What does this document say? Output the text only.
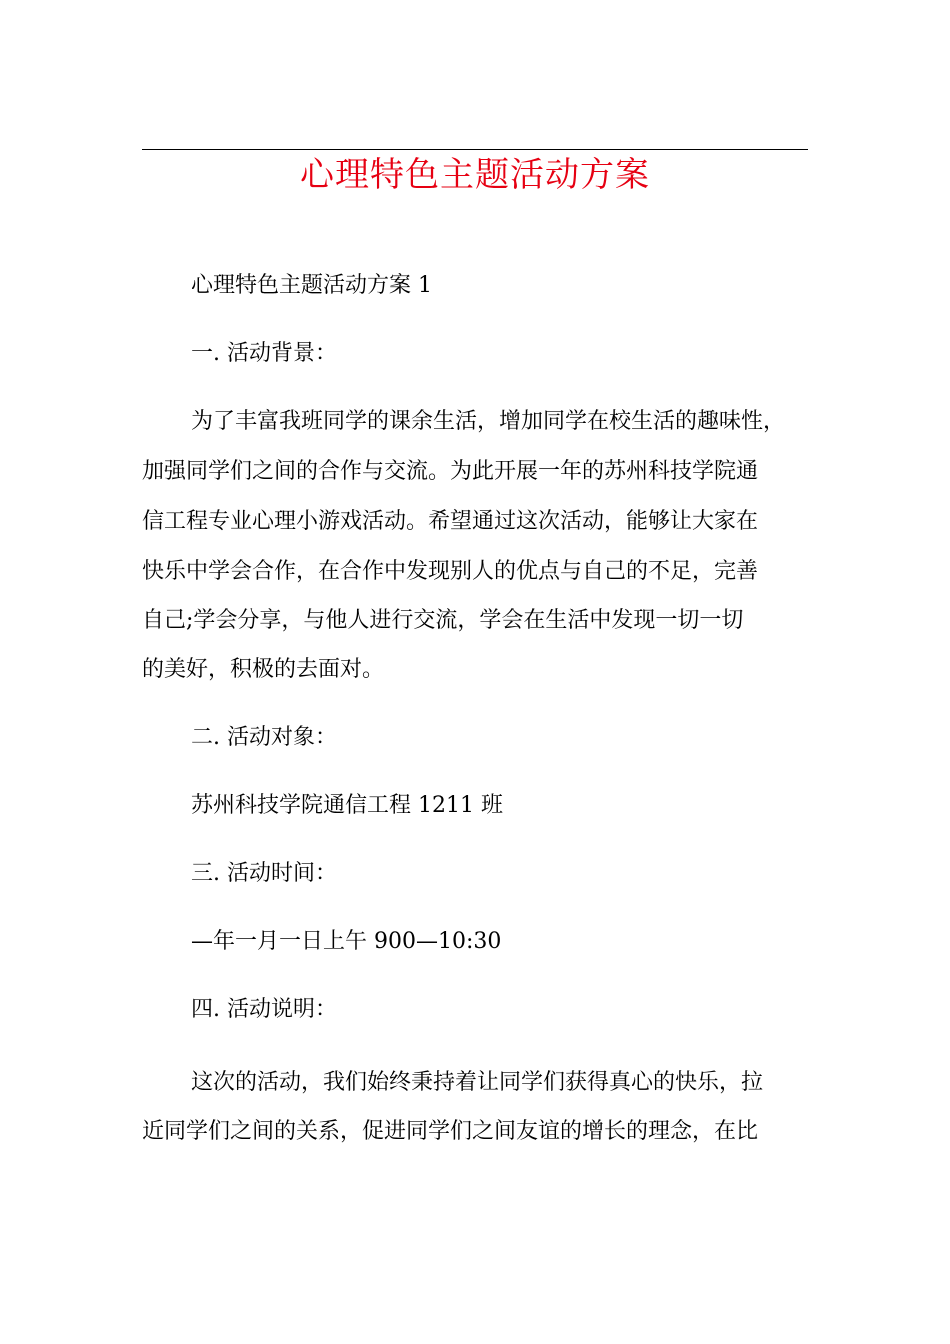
心理特色主题活动方案
心理特色主题活动方案 1
一. 活动背景：
为了丰富我班同学的课余生活，增加同学在校生活的趣味性，
加强同学们之间的合作与交流。为此开展一年的苏州科技学院通
信工程专业心理小游戏活动。希望通过这次活动，能够让大家在
快乐中学会合作，在合作中发现别人的优点与自己的不足，完善
自己;学会分享，与他人进行交流，学会在生活中发现一切一切
的美好，积极的去面对。
二. 活动对象：
苏州科技学院通信工程 1211 班
三. 活动时间：
—年一月一日上午 900—10:30
四. 活动说明：
这次的活动，我们始终秉持着让同学们获得真心的快乐，拉
近同学们之间的关系，促进同学们之间友谊的增长的理念，在比
